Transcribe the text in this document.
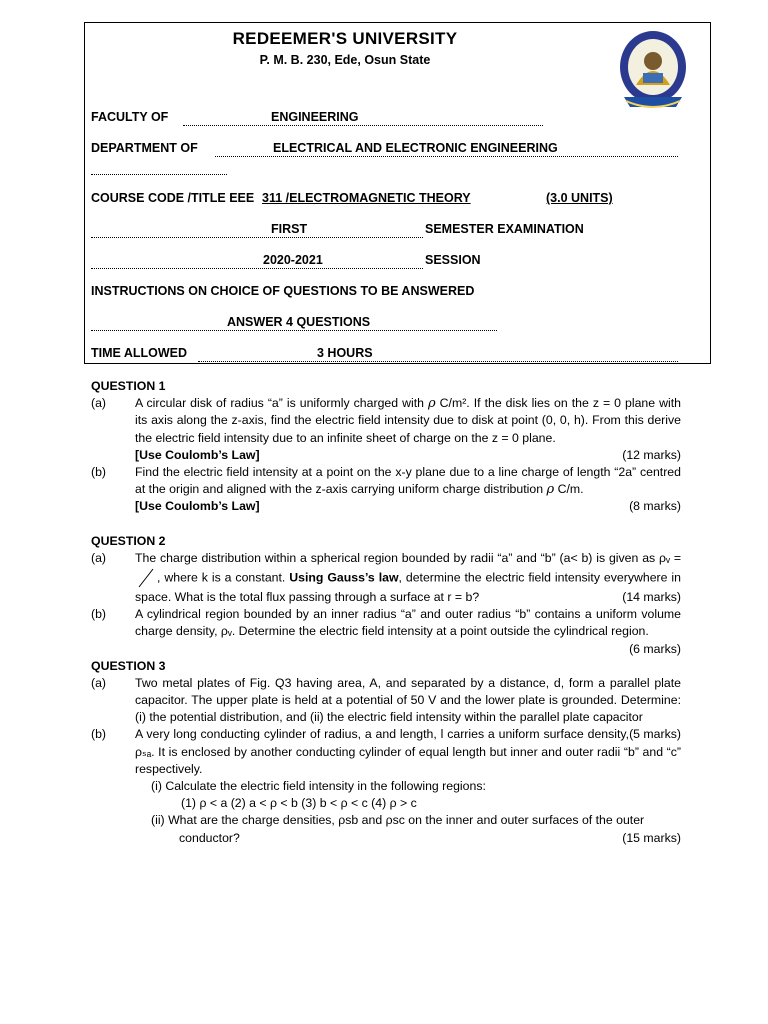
REDEEMER'S UNIVERSITY
P. M. B. 230, Ede, Osun State
FACULTY OF	ENGINEERING
DEPARTMENT OF	ELECTRICAL AND ELECTRONIC ENGINEERING
COURSE CODE /TITLE EEE 311 /ELECTROMAGNETIC THEORY	(3.0 UNITS)
FIRST	SEMESTER EXAMINATION
2020-2021	SESSION
INSTRUCTIONS ON CHOICE OF QUESTIONS TO BE ANSWERED
ANSWER 4 QUESTIONS
TIME ALLOWED	3 HOURS

QUESTION 1

(a) A circular disk of radius “a” is uniformly charged with ρ C/m². If the disk lies on the z = 0 plane with its axis along the z-axis, find the electric field intensity due to disk at point (0, 0, h). From this derive the electric field intensity due to an infinite sheet of charge on the z = 0 plane.
[Use Coulomb’s Law]	(12 marks)
(b) Find the electric field intensity at a point on the x-y plane due to a line charge of length “2a” centred at the origin and aligned with the z-axis carrying uniform charge distribution ρ C/m.
[Use Coulomb’s Law]	(8 marks)

QUESTION 2

(a) The charge distribution within a spherical region bounded by radii “a” and “b” (a< b) is given as ρᵥ = , where k is a constant. Using Gauss’s law, determine the electric field intensity everywhere in space. What is the total flux passing through a surface at r = b?	(14 marks)
(b) A cylindrical region bounded by an inner radius “a” and outer radius “b” contains a uniform volume charge density, ρᵥ. Determine the electric field intensity at a point outside the cylindrical region.
(6 marks)

QUESTION 3

(a) Two metal plates of Fig. Q3 having area, A, and separated by a distance, d, form a parallel plate capacitor. The upper plate is held at a potential of 50 V and the lower plate is grounded. Determine: (i) the potential distribution, and (ii) the electric field intensity within the parallel plate capacitor
(5 marks)
(b) A very long conducting cylinder of radius, a and length, l carries a uniform surface density, ρₛₐ. It is enclosed by another conducting cylinder of equal length but inner and outer radii “b” and “c” respectively.
(i) Calculate the electric field intensity in the following regions:
(1) ρ < a (2) a < ρ < b (3) b < ρ < c (4) ρ > c
(ii) What are the charge densities, ρsb and ρsc on the inner and outer surfaces of the outer
conductor?	(15 marks)
